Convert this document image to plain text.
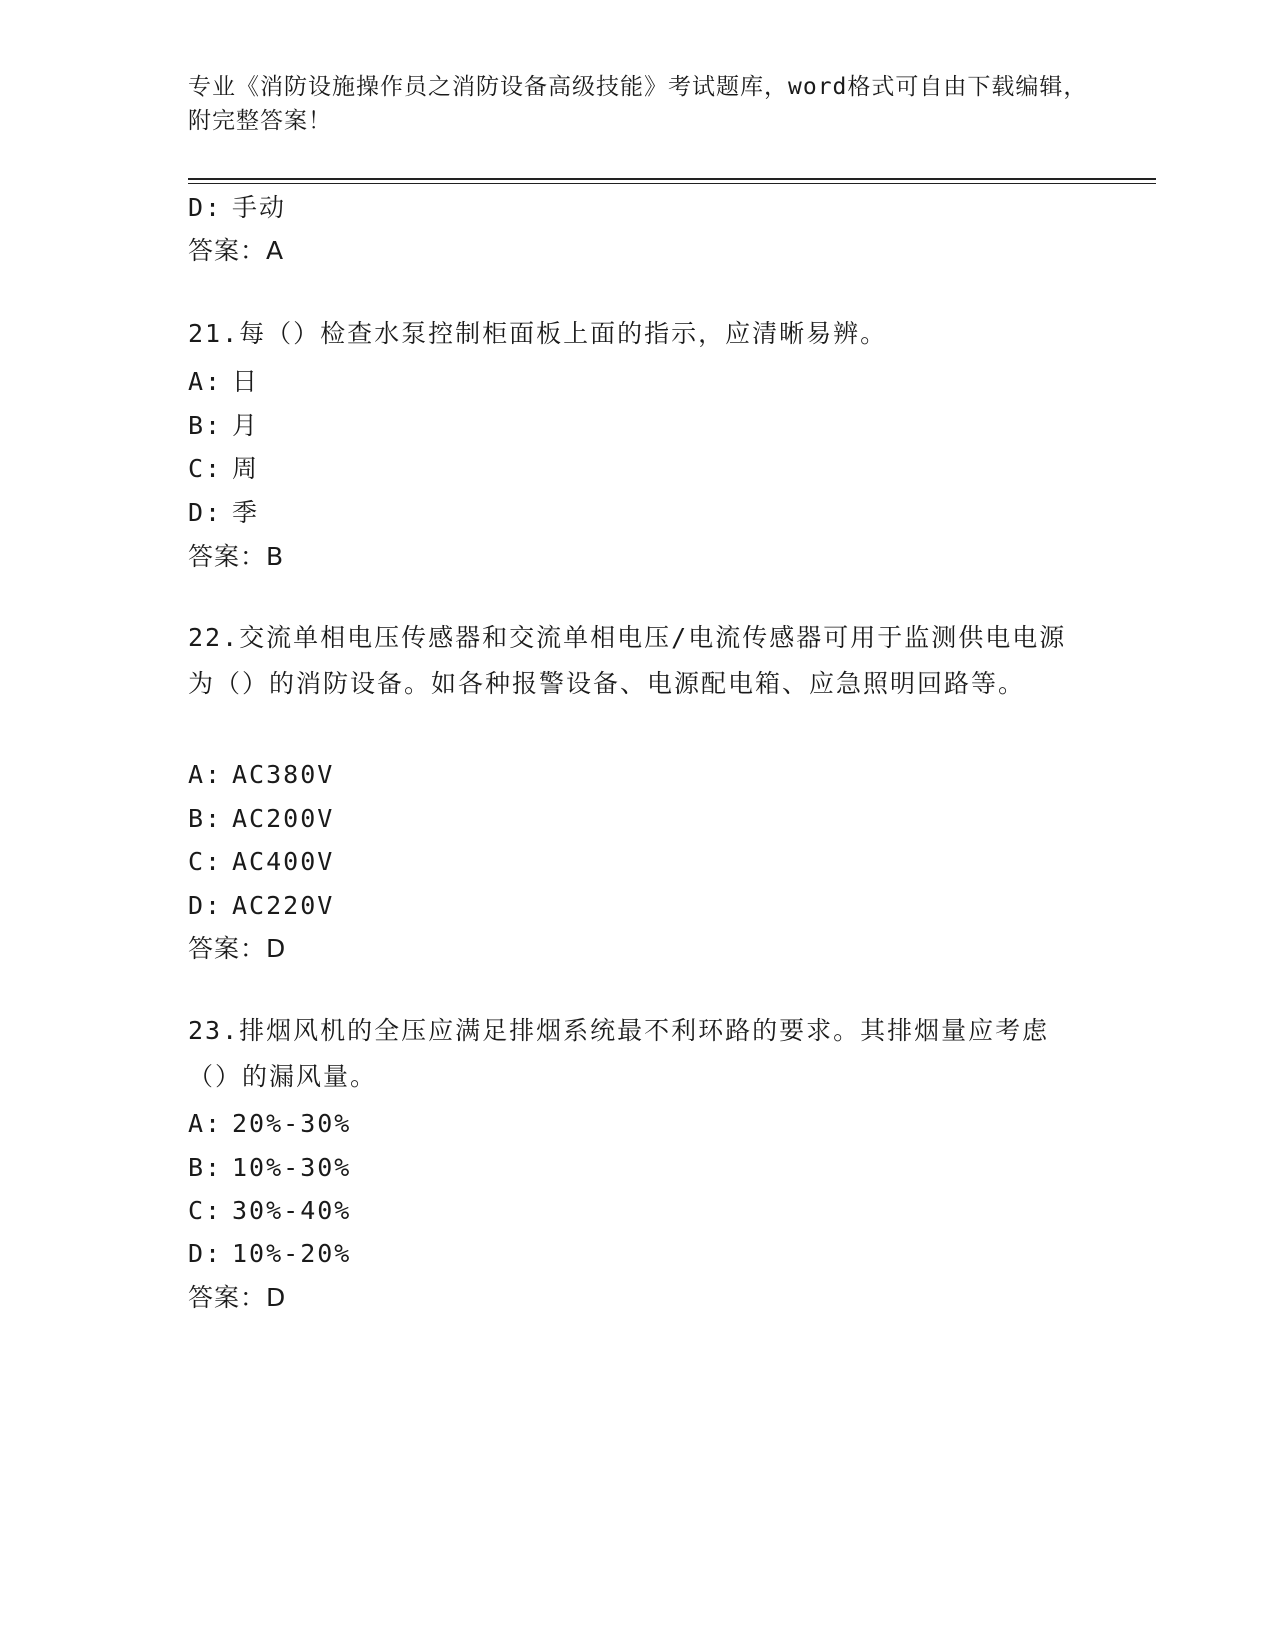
专业《消防设施操作员之消防设备高级技能》考试题库，word格式可自由下载编辑，附完整答案！
D: 手动
答案：A
21.每（）检查水泵控制柜面板上面的指示，应清晰易辨。
A: 日
B: 月
C: 周
D: 季
答案：B
22.交流单相电压传感器和交流单相电压/电流传感器可用于监测供电电源为（）的消防设备。如各种报警设备、电源配电箱、应急照明回路等。
A: AC380V
B: AC200V
C: AC400V
D: AC220V
答案：D
23.排烟风机的全压应满足排烟系统最不利环路的要求。其排烟量应考虑（）的漏风量。
A: 20%-30%
B: 10%-30%
C: 30%-40%
D: 10%-20%
答案：D
